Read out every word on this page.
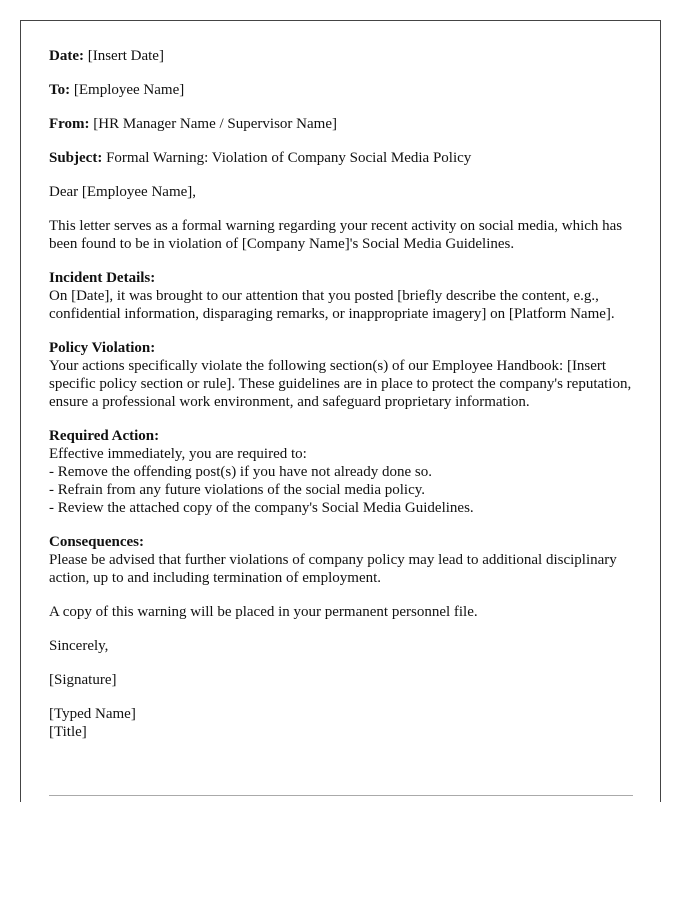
Date: [Insert Date]

To: [Employee Name]

From: [HR Manager Name / Supervisor Name]

Subject: Formal Warning: Violation of Company Social Media Policy

Dear [Employee Name],

This letter serves as a formal warning regarding your recent activity on social media, which has been found to be in violation of [Company Name]'s Social Media Guidelines.

Incident Details:
On [Date], it was brought to our attention that you posted [briefly describe the content, e.g., confidential information, disparaging remarks, or inappropriate imagery] on [Platform Name].

Policy Violation:
Your actions specifically violate the following section(s) of our Employee Handbook: [Insert specific policy section or rule]. These guidelines are in place to protect the company's reputation, ensure a professional work environment, and safeguard proprietary information.

Required Action:
Effective immediately, you are required to:
- Remove the offending post(s) if you have not already done so.
- Refrain from any future violations of the social media policy.
- Review the attached copy of the company's Social Media Guidelines.

Consequences:
Please be advised that further violations of company policy may lead to additional disciplinary action, up to and including termination of employment.

A copy of this warning will be placed in your permanent personnel file.

Sincerely,

[Signature]

[Typed Name]
[Title]
